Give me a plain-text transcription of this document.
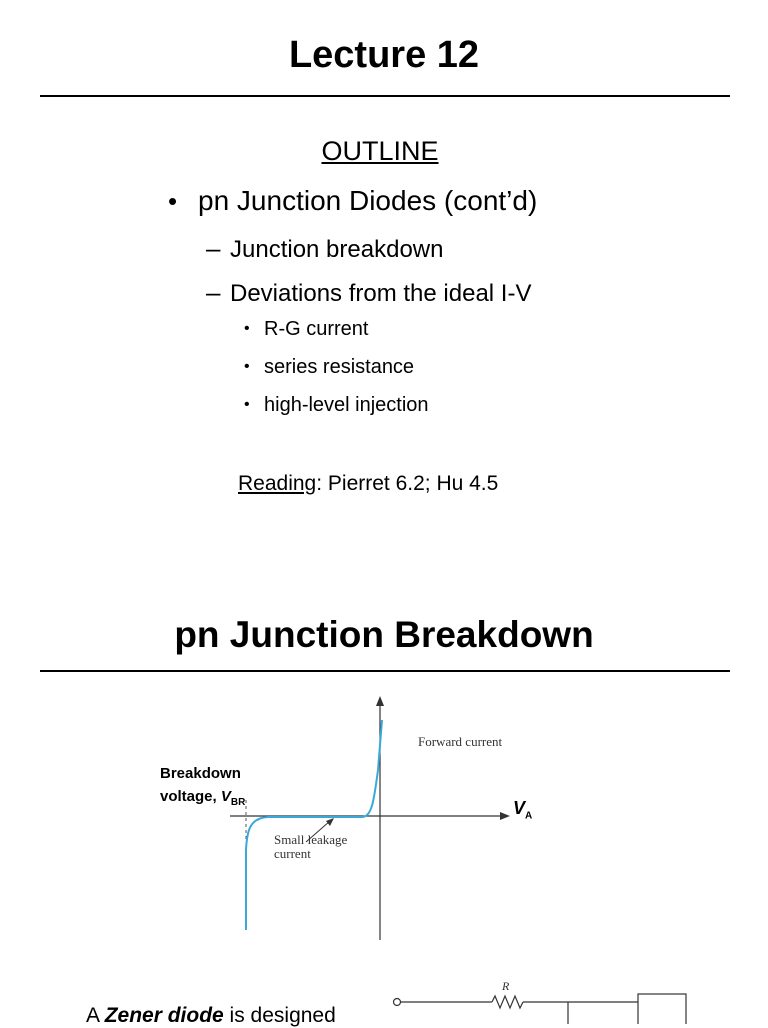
Lecture 12
OUTLINE
• pn Junction Diodes (cont’d)
– Junction breakdown
– Deviations from the ideal I-V
• R-G current
• series resistance
• high-level injection
Reading: Pierret 6.2; Hu 4.5
pn Junction Breakdown
Forward current
Small leakage
current
Breakdown
voltage, $V_{BR}$	$V_A$
R
A Zener diode is designed
